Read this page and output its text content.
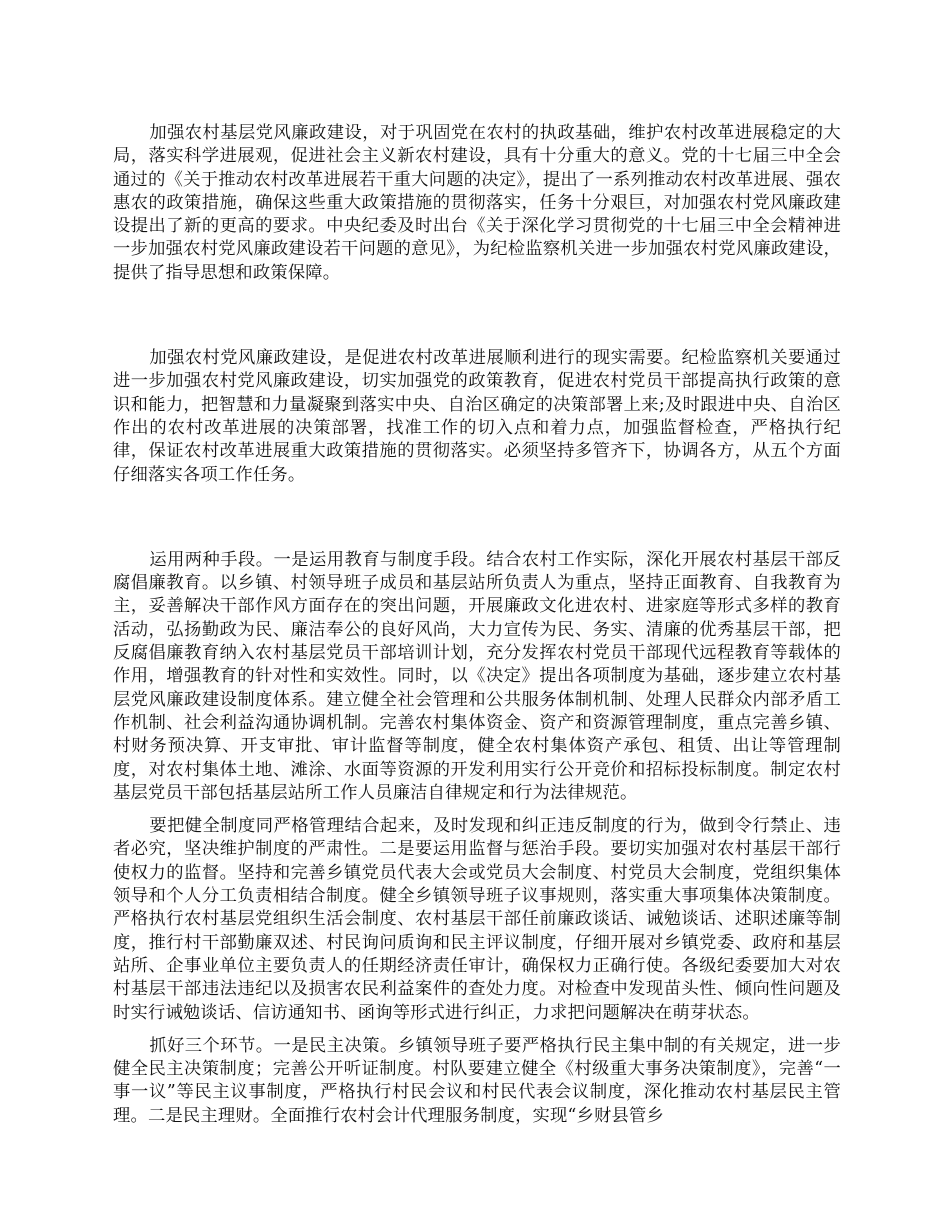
加强农村基层党风廉政建设，对于巩固党在农村的执政基础，维护农村改革进展稳定的大局，落实科学进展观，促进社会主义新农村建设，具有十分重大的意义。党的十七届三中全会通过的《关于推动农村改革进展若干重大问题的决定》，提出了一系列推动农村改革进展、强农惠农的政策措施，确保这些重大政策措施的贯彻落实，任务十分艰巨，对加强农村党风廉政建设提出了新的更高的要求。中央纪委及时出台《关于深化学习贯彻党的十七届三中全会精神进一步加强农村党风廉政建设若干问题的意见》，为纪检监察机关进一步加强农村党风廉政建设，提供了指导思想和政策保障。

加强农村党风廉政建设，是促进农村改革进展顺利进行的现实需要。纪检监察机关要通过进一步加强农村党风廉政建设，切实加强党的政策教育，促进农村党员干部提高执行政策的意识和能力，把智慧和力量凝聚到落实中央、自治区确定的决策部署上来;及时跟进中央、自治区作出的农村改革进展的决策部署，找准工作的切入点和着力点，加强监督检查，严格执行纪律，保证农村改革进展重大政策措施的贯彻落实。必须坚持多管齐下，协调各方，从五个方面仔细落实各项工作任务。

运用两种手段。一是运用教育与制度手段。结合农村工作实际，深化开展农村基层干部反腐倡廉教育。以乡镇、村领导班子成员和基层站所负责人为重点，坚持正面教育、自我教育为主，妥善解决干部作风方面存在的突出问题，开展廉政文化进农村、进家庭等形式多样的教育活动，弘扬勤政为民、廉洁奉公的良好风尚，大力宣传为民、务实、清廉的优秀基层干部，把反腐倡廉教育纳入农村基层党员干部培训计划，充分发挥农村党员干部现代远程教育等载体的作用，增强教育的针对性和实效性。同时，以《决定》提出各项制度为基础，逐步建立农村基层党风廉政建设制度体系。建立健全社会管理和公共服务体制机制、处理人民群众内部矛盾工作机制、社会利益沟通协调机制。完善农村集体资金、资产和资源管理制度，重点完善乡镇、村财务预决算、开支审批、审计监督等制度，健全农村集体资产承包、租赁、出让等管理制度，对农村集体土地、滩涂、水面等资源的开发利用实行公开竞价和招标投标制度。制定农村基层党员干部包括基层站所工作人员廉洁自律规定和行为法律规范。

要把健全制度同严格管理结合起来，及时发现和纠正违反制度的行为，做到令行禁止、违者必究，坚决维护制度的严肃性。二是要运用监督与惩治手段。要切实加强对农村基层干部行使权力的监督。坚持和完善乡镇党员代表大会或党员大会制度、村党员大会制度，党组织集体领导和个人分工负责相结合制度。健全乡镇领导班子议事规则，落实重大事项集体决策制度。严格执行农村基层党组织生活会制度、农村基层干部任前廉政谈话、诫勉谈话、述职述廉等制度，推行村干部勤廉双述、村民询问质询和民主评议制度，仔细开展对乡镇党委、政府和基层站所、企事业单位主要负责人的任期经济责任审计，确保权力正确行使。各级纪委要加大对农村基层干部违法违纪以及损害农民利益案件的查处力度。对检查中发现苗头性、倾向性问题及时实行诫勉谈话、信访通知书、函询等形式进行纠正，力求把问题解决在萌芽状态。

抓好三个环节。一是民主决策。乡镇领导班子要严格执行民主集中制的有关规定，进一步健全民主决策制度；完善公开听证制度。村队要建立健全《村级重大事务决策制度》，完善“一事一议”等民主议事制度，严格执行村民会议和村民代表会议制度，深化推动农村基层民主管理。二是民主理财。全面推行农村会计代理服务制度，实现“乡财县管乡
